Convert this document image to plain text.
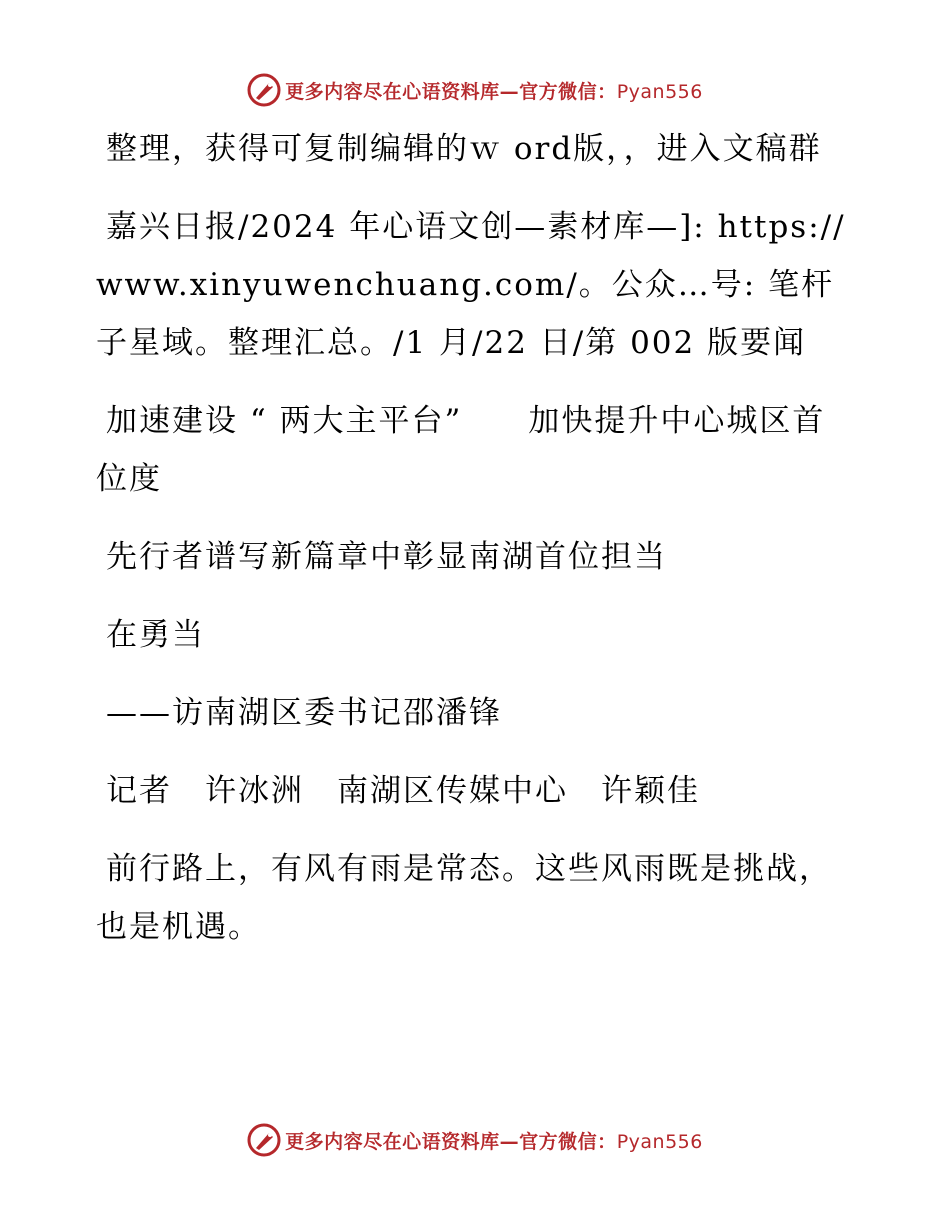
更多内容尽在心语资料库—官方微信：Pyan556

整理，获得可复制编辑的ｗ ord版，，进入文稿群

嘉兴日报/2024 年心语文创—素材库—]: https://www.xinyuwenchuang.com/。公众…号: 笔杆子星域。整理汇总。/1 月/22 日/第 002 版要闻

加速建设 “ 两大主平台”　　加快提升中心城区首位度

先行者谱写新篇章中彰显南湖首位担当

在勇当

——访南湖区委书记邵潘锋

记者　许冰洲　南湖区传媒中心　许颖佳

前行路上，有风有雨是常态。这些风雨既是挑战，也是机遇。

更多内容尽在心语资料库—官方微信：Pyan556
